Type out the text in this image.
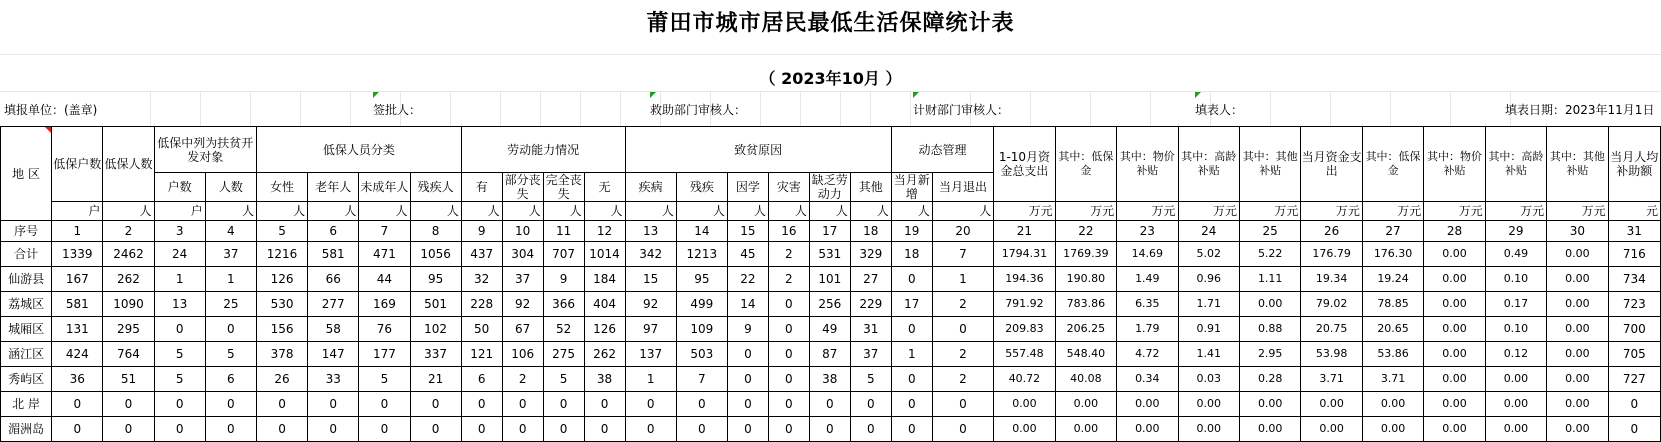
莆田市城市居民最低生活保障统计表
（ 2023年10月 ）
填报单位：(盖章)	签批人：	救助部门审核人：	计财部门审核人：	填表人：	填表日期：2023年11月1日
地 区	低保户数	低保人数	低保中列为扶贫开发对象		低保人员分类				劳动能力情况				致贫原因						动态管理		1-10月资金总支出	其中：低保金	其中：物价补贴	其中：高龄补贴	其中：其他补贴	当月资金支出	其中：低保金	其中：物价补贴	其中：高龄补贴	其中：其他补贴	当月人均补助额
			户数	人数	女性	老年人	未成年人	残疾人	有	部分丧失	完全丧失	无	疾病	残疾	因学	灾害	缺乏劳动力	其他	当月新增	当月退出											
	户	人	户	人	人	人	人	人	人	人	人	人	人	人	人	人	人	人	人	人	万元	万元	万元	万元	万元	万元	万元	万元	万元	万元	元
序号	1	2	3	4	5	6	7	8	9	10	11	12	13	14	15	16	17	18	19	20	21	22	23	24	25	26	27	28	29	30	31
合计	1339	2462	24	37	1216	581	471	1056	437	304	707	1014	342	1213	45	2	531	329	18	7	1794.31	1769.39	14.69	5.02	5.22	176.79	176.30	0.00	0.49	0.00	716
仙游县	167	262	1	1	126	66	44	95	32	37	9	184	15	95	22	2	101	27	0	1	194.36	190.80	1.49	0.96	1.11	19.34	19.24	0.00	0.10	0.00	734
荔城区	581	1090	13	25	530	277	169	501	228	92	366	404	92	499	14	0	256	229	17	2	791.92	783.86	6.35	1.71	0.00	79.02	78.85	0.00	0.17	0.00	723
城厢区	131	295	0	0	156	58	76	102	50	67	52	126	97	109	9	0	49	31	0	0	209.83	206.25	1.79	0.91	0.88	20.75	20.65	0.00	0.10	0.00	700
涵江区	424	764	5	5	378	147	177	337	121	106	275	262	137	503	0	0	87	37	1	2	557.48	548.40	4.72	1.41	2.95	53.98	53.86	0.00	0.12	0.00	705
秀屿区	36	51	5	6	26	33	5	21	6	2	5	38	1	7	0	0	38	5	0	2	40.72	40.08	0.34	0.03	0.28	3.71	3.71	0.00	0.00	0.00	727
北 岸	0	0	0	0	0	0	0	0	0	0	0	0	0	0	0	0	0	0	0	0	0.00	0.00	0.00	0.00	0.00	0.00	0.00	0.00	0.00	0.00	0
湄洲岛	0	0	0	0	0	0	0	0	0	0	0	0	0	0	0	0	0	0	0	0	0.00	0.00	0.00	0.00	0.00	0.00	0.00	0.00	0.00	0.00	0
